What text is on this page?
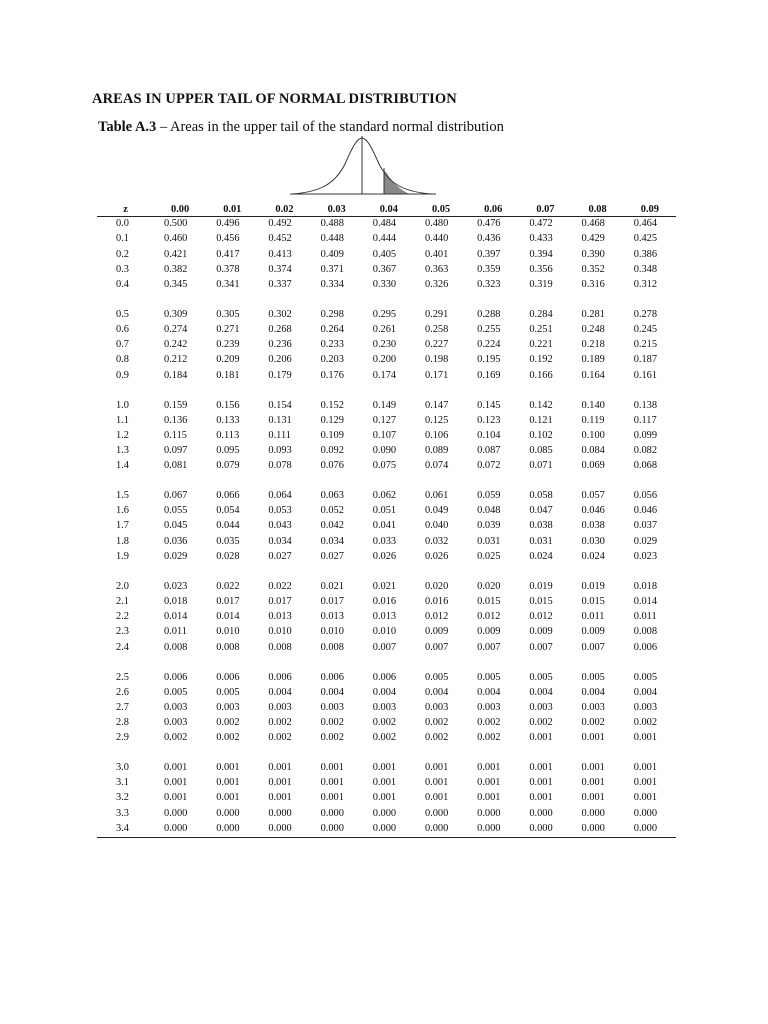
AREAS IN UPPER TAIL OF NORMAL DISTRIBUTION
Table A.3 – Areas in the upper tail of the standard normal distribution
z	0.00	0.01	0.02	0.03	0.04	0.05	0.06	0.07	0.08	0.09
0.0	0.500	0.496	0.492	0.488	0.484	0.480	0.476	0.472	0.468	0.464
0.1	0.460	0.456	0.452	0.448	0.444	0.440	0.436	0.433	0.429	0.425
0.2	0.421	0.417	0.413	0.409	0.405	0.401	0.397	0.394	0.390	0.386
0.3	0.382	0.378	0.374	0.371	0.367	0.363	0.359	0.356	0.352	0.348
0.4	0.345	0.341	0.337	0.334	0.330	0.326	0.323	0.319	0.316	0.312

0.5	0.309	0.305	0.302	0.298	0.295	0.291	0.288	0.284	0.281	0.278
0.6	0.274	0.271	0.268	0.264	0.261	0.258	0.255	0.251	0.248	0.245
0.7	0.242	0.239	0.236	0.233	0.230	0.227	0.224	0.221	0.218	0.215
0.8	0.212	0.209	0.206	0.203	0.200	0.198	0.195	0.192	0.189	0.187
0.9	0.184	0.181	0.179	0.176	0.174	0.171	0.169	0.166	0.164	0.161

1.0	0.159	0.156	0.154	0.152	0.149	0.147	0.145	0.142	0.140	0.138
1.1	0.136	0.133	0.131	0.129	0.127	0.125	0.123	0.121	0.119	0.117
1.2	0.115	0.113	0.111	0.109	0.107	0.106	0.104	0.102	0.100	0.099
1.3	0.097	0.095	0.093	0.092	0.090	0.089	0.087	0.085	0.084	0.082
1.4	0.081	0.079	0.078	0.076	0.075	0.074	0.072	0.071	0.069	0.068

1.5	0.067	0.066	0.064	0.063	0.062	0.061	0.059	0.058	0.057	0.056
1.6	0.055	0.054	0.053	0.052	0.051	0.049	0.048	0.047	0.046	0.046
1.7	0.045	0.044	0.043	0.042	0.041	0.040	0.039	0.038	0.038	0.037
1.8	0.036	0.035	0.034	0.034	0.033	0.032	0.031	0.031	0.030	0.029
1.9	0.029	0.028	0.027	0.027	0.026	0.026	0.025	0.024	0.024	0.023

2.0	0.023	0.022	0.022	0.021	0.021	0.020	0.020	0.019	0.019	0.018
2.1	0.018	0.017	0.017	0.017	0.016	0.016	0.015	0.015	0.015	0.014
2.2	0.014	0.014	0.013	0.013	0.013	0.012	0.012	0.012	0.011	0.011
2.3	0.011	0.010	0.010	0.010	0.010	0.009	0.009	0.009	0.009	0.008
2.4	0.008	0.008	0.008	0.008	0.007	0.007	0.007	0.007	0.007	0.006

2.5	0.006	0.006	0.006	0.006	0.006	0.005	0.005	0.005	0.005	0.005
2.6	0.005	0.005	0.004	0.004	0.004	0.004	0.004	0.004	0.004	0.004
2.7	0.003	0.003	0.003	0.003	0.003	0.003	0.003	0.003	0.003	0.003
2.8	0.003	0.002	0.002	0.002	0.002	0.002	0.002	0.002	0.002	0.002
2.9	0.002	0.002	0.002	0.002	0.002	0.002	0.002	0.001	0.001	0.001

3.0	0.001	0.001	0.001	0.001	0.001	0.001	0.001	0.001	0.001	0.001
3.1	0.001	0.001	0.001	0.001	0.001	0.001	0.001	0.001	0.001	0.001
3.2	0.001	0.001	0.001	0.001	0.001	0.001	0.001	0.001	0.001	0.001
3.3	0.000	0.000	0.000	0.000	0.000	0.000	0.000	0.000	0.000	0.000
3.4	0.000	0.000	0.000	0.000	0.000	0.000	0.000	0.000	0.000	0.000
